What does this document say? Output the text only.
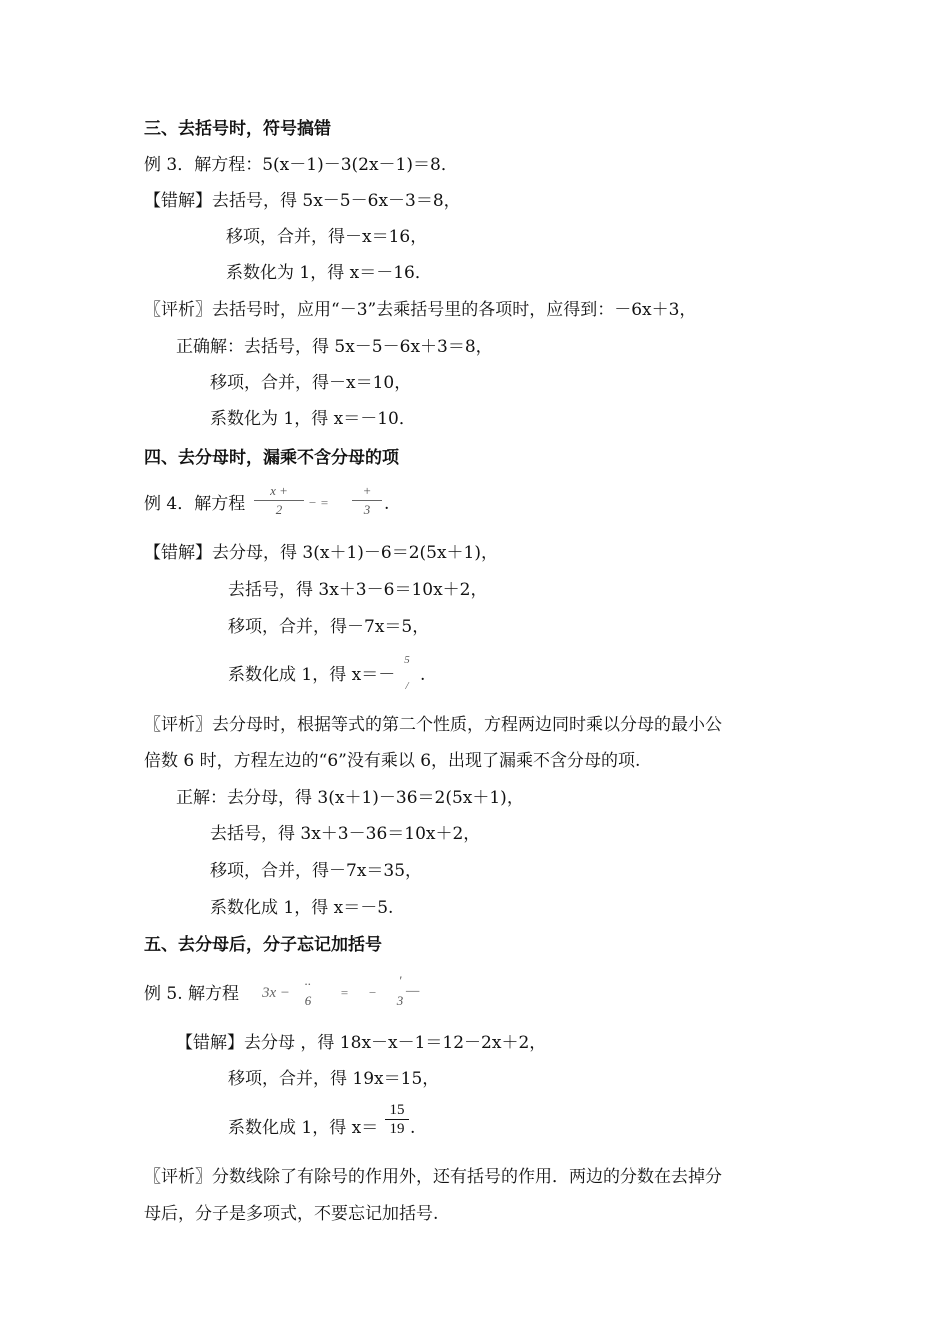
三、去括号时，符号搞错
例 3．解方程：5(x－1)－3(2x－1)＝8．
【错解】去括号，得 5x－5－6x－3＝8，
移项，合并，得－x＝16，
系数化为 1，得 x＝－16．
〖评析〗去括号时，应用“－3”去乘括号里的各项时，应得到：－6x＋3，
正确解：去括号，得 5x－5－6x＋3＝8，
移项，合并，得－x＝10，
系数化为 1，得 x＝－10．
四、去分母时，漏乘不含分母的项
例 4．解方程
x +
2	− =
+
3 .
【错解】去分母，得 3(x＋1)－6＝2(5x＋1)，
去括号，得 3x＋3－6＝10x＋2，
移项，合并，得－7x＝5，
系数化成 1，得 x＝－
5
/
.
〖评析〗去分母时，根据等式的第二个性质，方程两边同时乘以分母的最小公
倍数 6 时，方程左边的“6”没有乘以 6，出现了漏乘不含分母的项.
正解：去分母，得 3(x＋1)－36＝2(5x＋1)，
去括号，得 3x＋3－36＝10x＋2，
移项，合并，得－7x＝35，
系数化成 1，得 x＝－5.
五、去分母后，分子忘记加括号
例 5. 解方程 3x −
..
6
= −
'
3
—
【错解】去分母 ，得 18x－x－1＝12－2x＋2，
移项，合并，得 19x＝15，
系数化成 1，得 x＝
15
19 .
〖评析〗分数线除了有除号的作用外，还有括号的作用．两边的分数在去掉分
母后，分子是多项式，不要忘记加括号.
